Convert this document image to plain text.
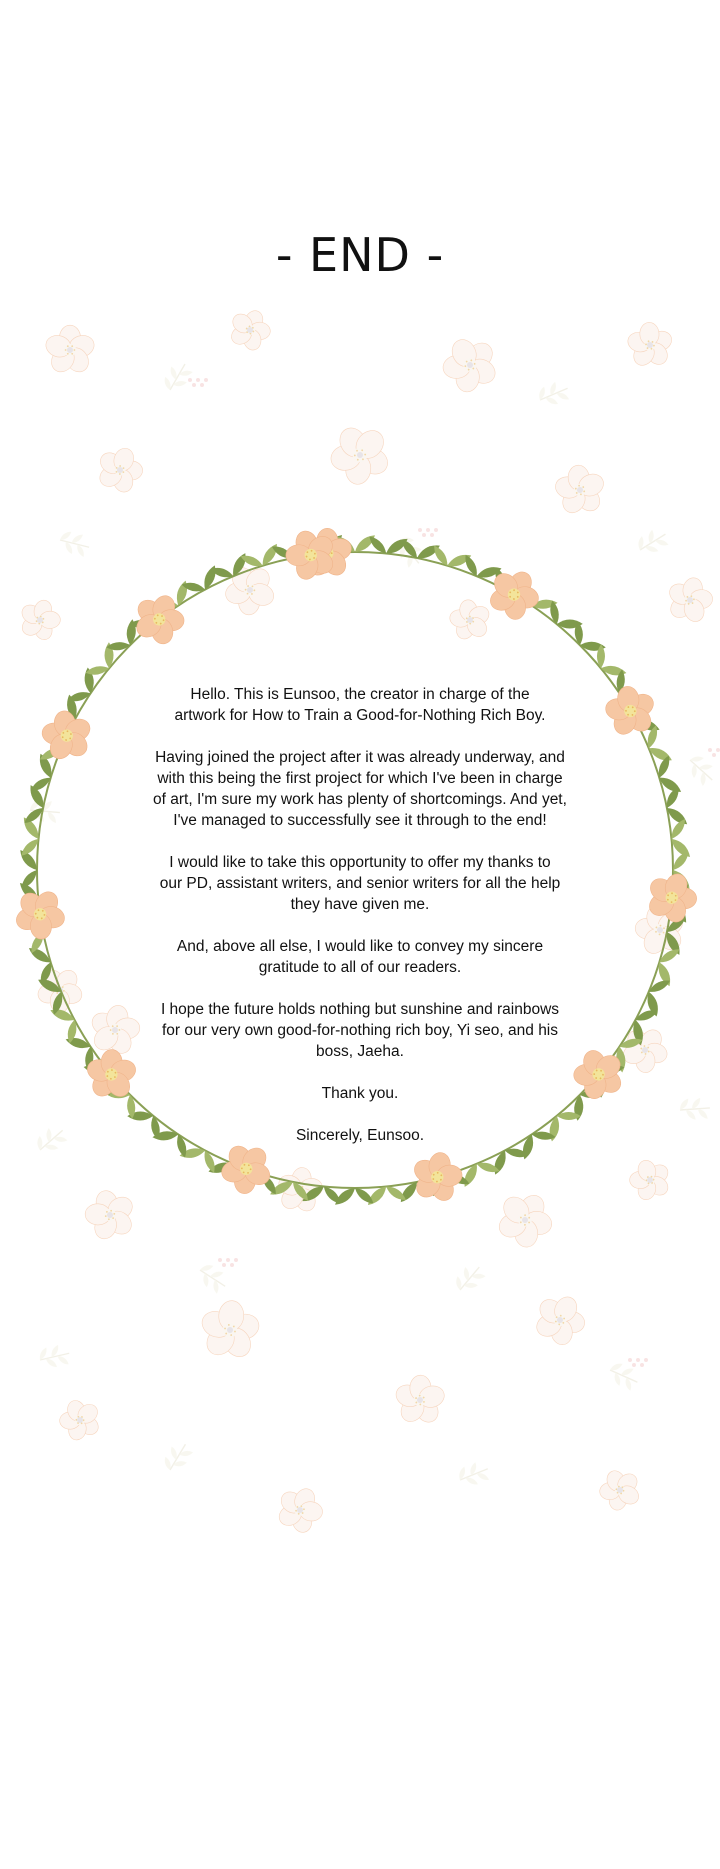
- END -

Hello. This is Eunsoo, the creator in charge of the
artwork for How to Train a Good-for-Nothing Rich Boy.

Having joined the project after it was already underway, and
with this being the first project for which I've been in charge
of art, I'm sure my work has plenty of shortcomings. And yet,
I've managed to successfully see it through to the end!

I would like to take this opportunity to offer my thanks to
our PD, assistant writers, and senior writers for all the help
they have given me.

And, above all else, I would like to convey my sincere
gratitude to all of our readers.

I hope the future holds nothing but sunshine and rainbows
for our very own good-for-nothing rich boy, Yi seo, and his
boss, Jaeha.

Thank you.

Sincerely, Eunsoo.
